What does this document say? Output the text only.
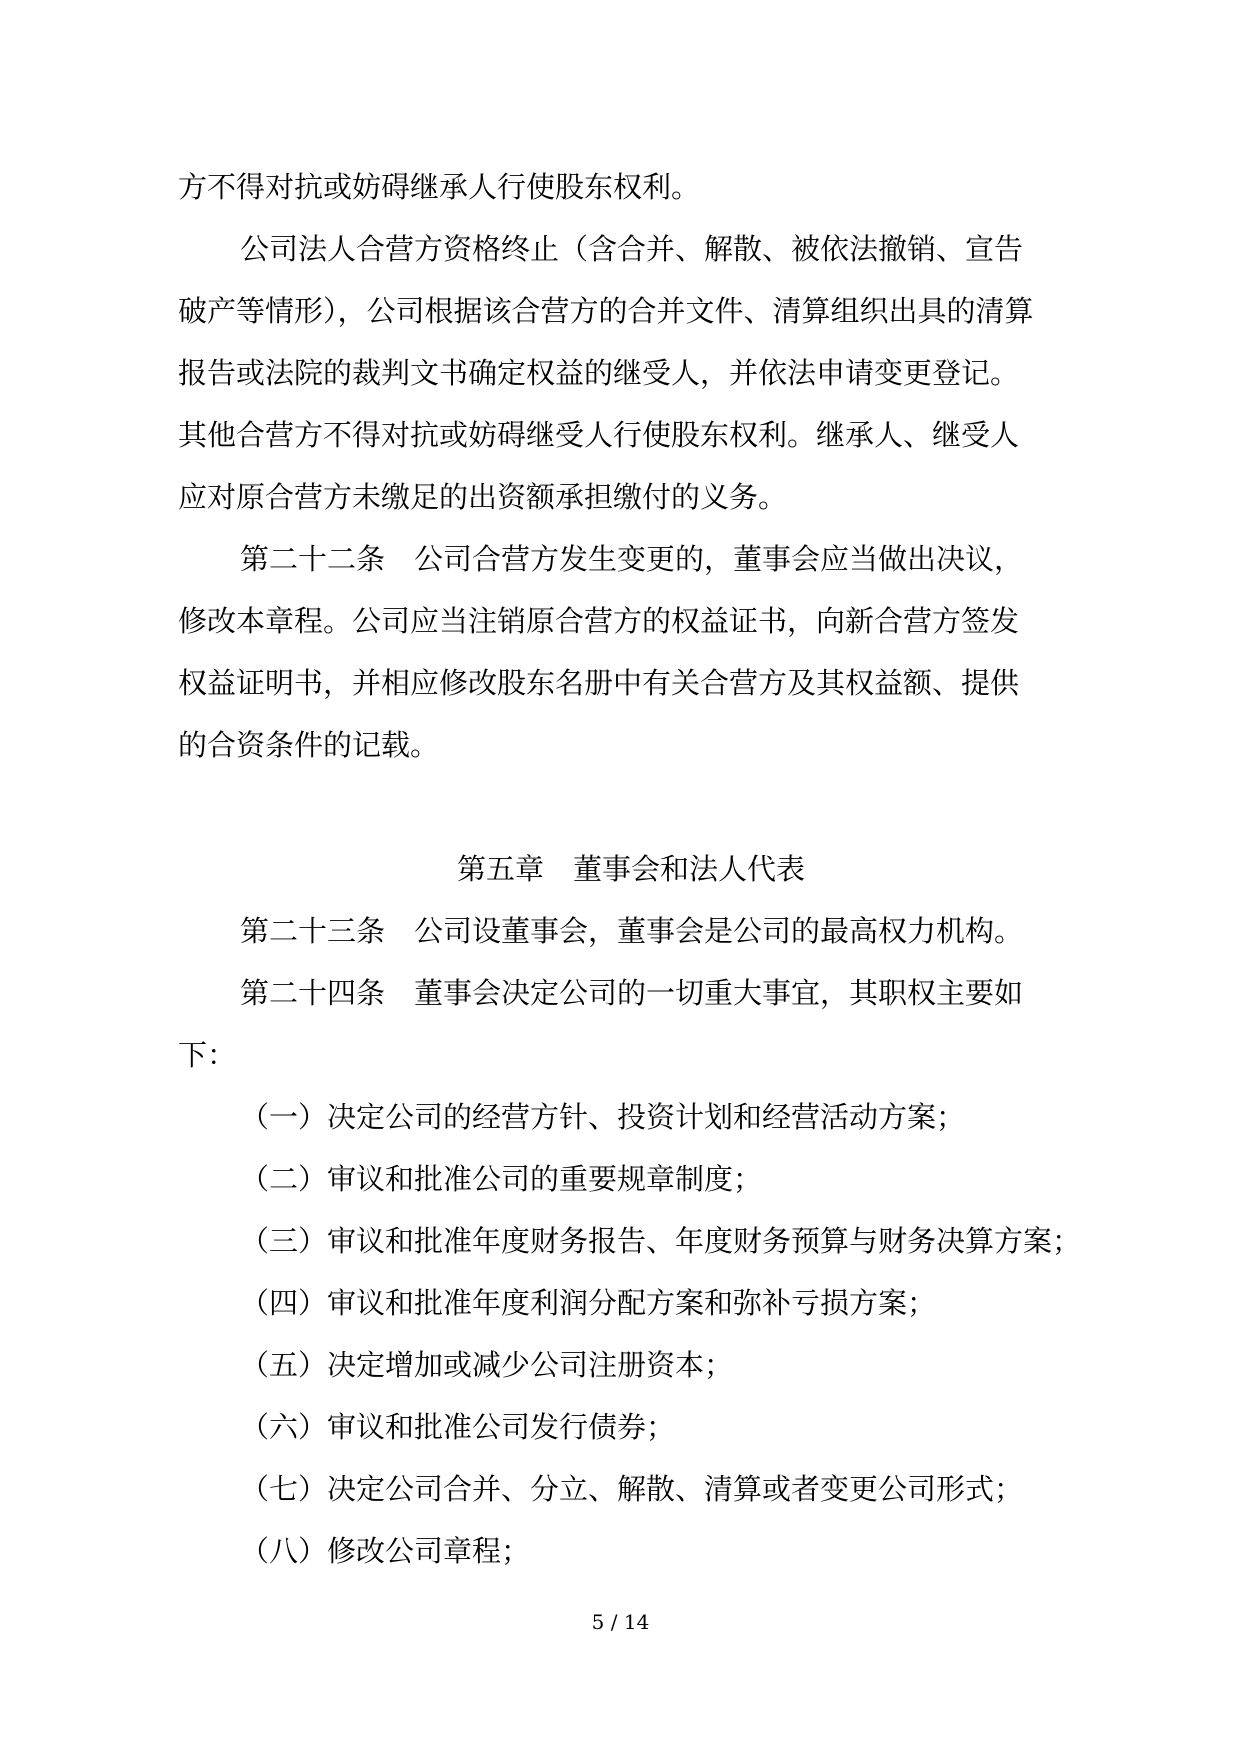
方不得对抗或妨碍继承人行使股东权利。
公司法人合营方资格终止（含合并、解散、被依法撤销、宣告
破产等情形），公司根据该合营方的合并文件、清算组织出具的清算
报告或法院的裁判文书确定权益的继受人，并依法申请变更登记。
其他合营方不得对抗或妨碍继受人行使股东权利。继承人、继受人
应对原合营方未缴足的出资额承担缴付的义务。
第二十二条　公司合营方发生变更的，董事会应当做出决议，
修改本章程。公司应当注销原合营方的权益证书，向新合营方签发
权益证明书，并相应修改股东名册中有关合营方及其权益额、提供
的合资条件的记载。
第五章　董事会和法人代表
第二十三条　公司设董事会，董事会是公司的最高权力机构。
第二十四条　董事会决定公司的一切重大事宜，其职权主要如
下：
（一）决定公司的经营方针、投资计划和经营活动方案；
（二）审议和批准公司的重要规章制度；
（三）审议和批准年度财务报告、年度财务预算与财务决算方案；
（四）审议和批准年度利润分配方案和弥补亏损方案；
（五）决定增加或减少公司注册资本；
（六）审议和批准公司发行债券；
（七）决定公司合并、分立、解散、清算或者变更公司形式；
（八）修改公司章程；
5 / 14
